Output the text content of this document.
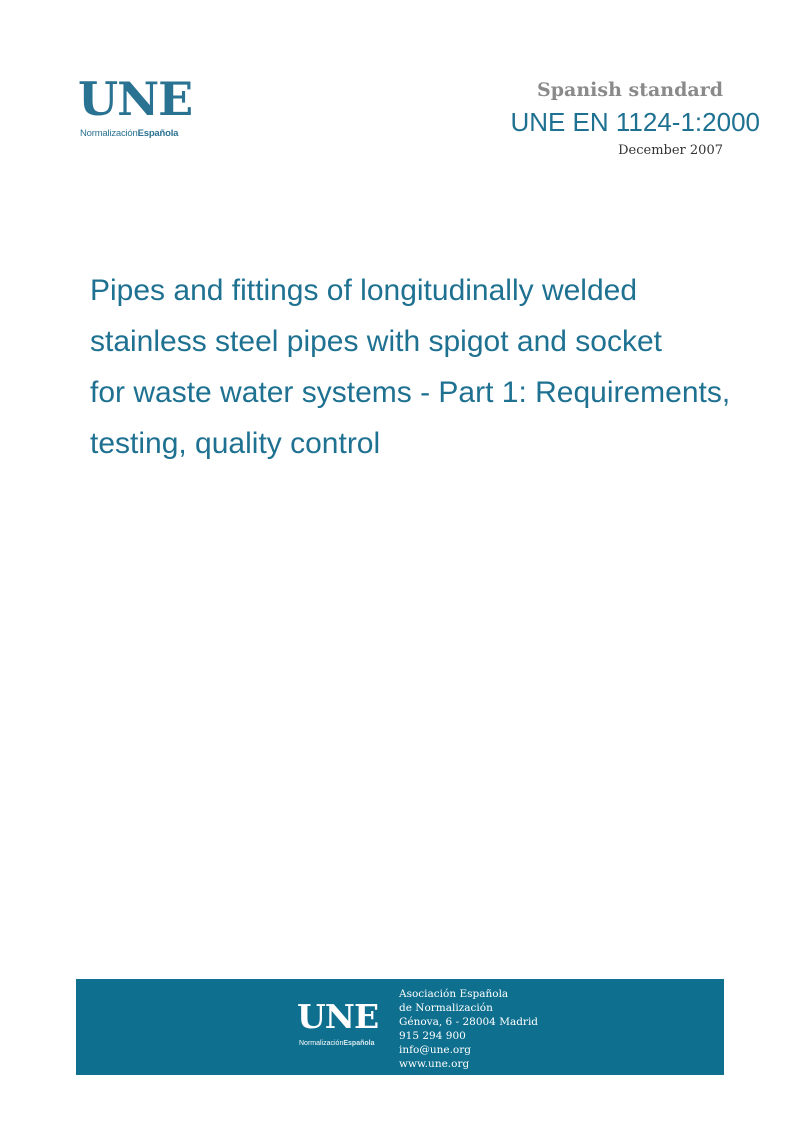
UNE
NormalizaciónEspañola
Spanish standard
UNE EN 1124-1:2000
December 2007
Pipes and fittings of longitudinally welded
stainless steel pipes with spigot and socket
for waste water systems - Part 1: Requirements,
testing, quality control
UNE
NormalizaciónEspañola
Asociación Española
de Normalización
Génova, 6 - 28004 Madrid
915 294 900
info@une.org
www.une.org
